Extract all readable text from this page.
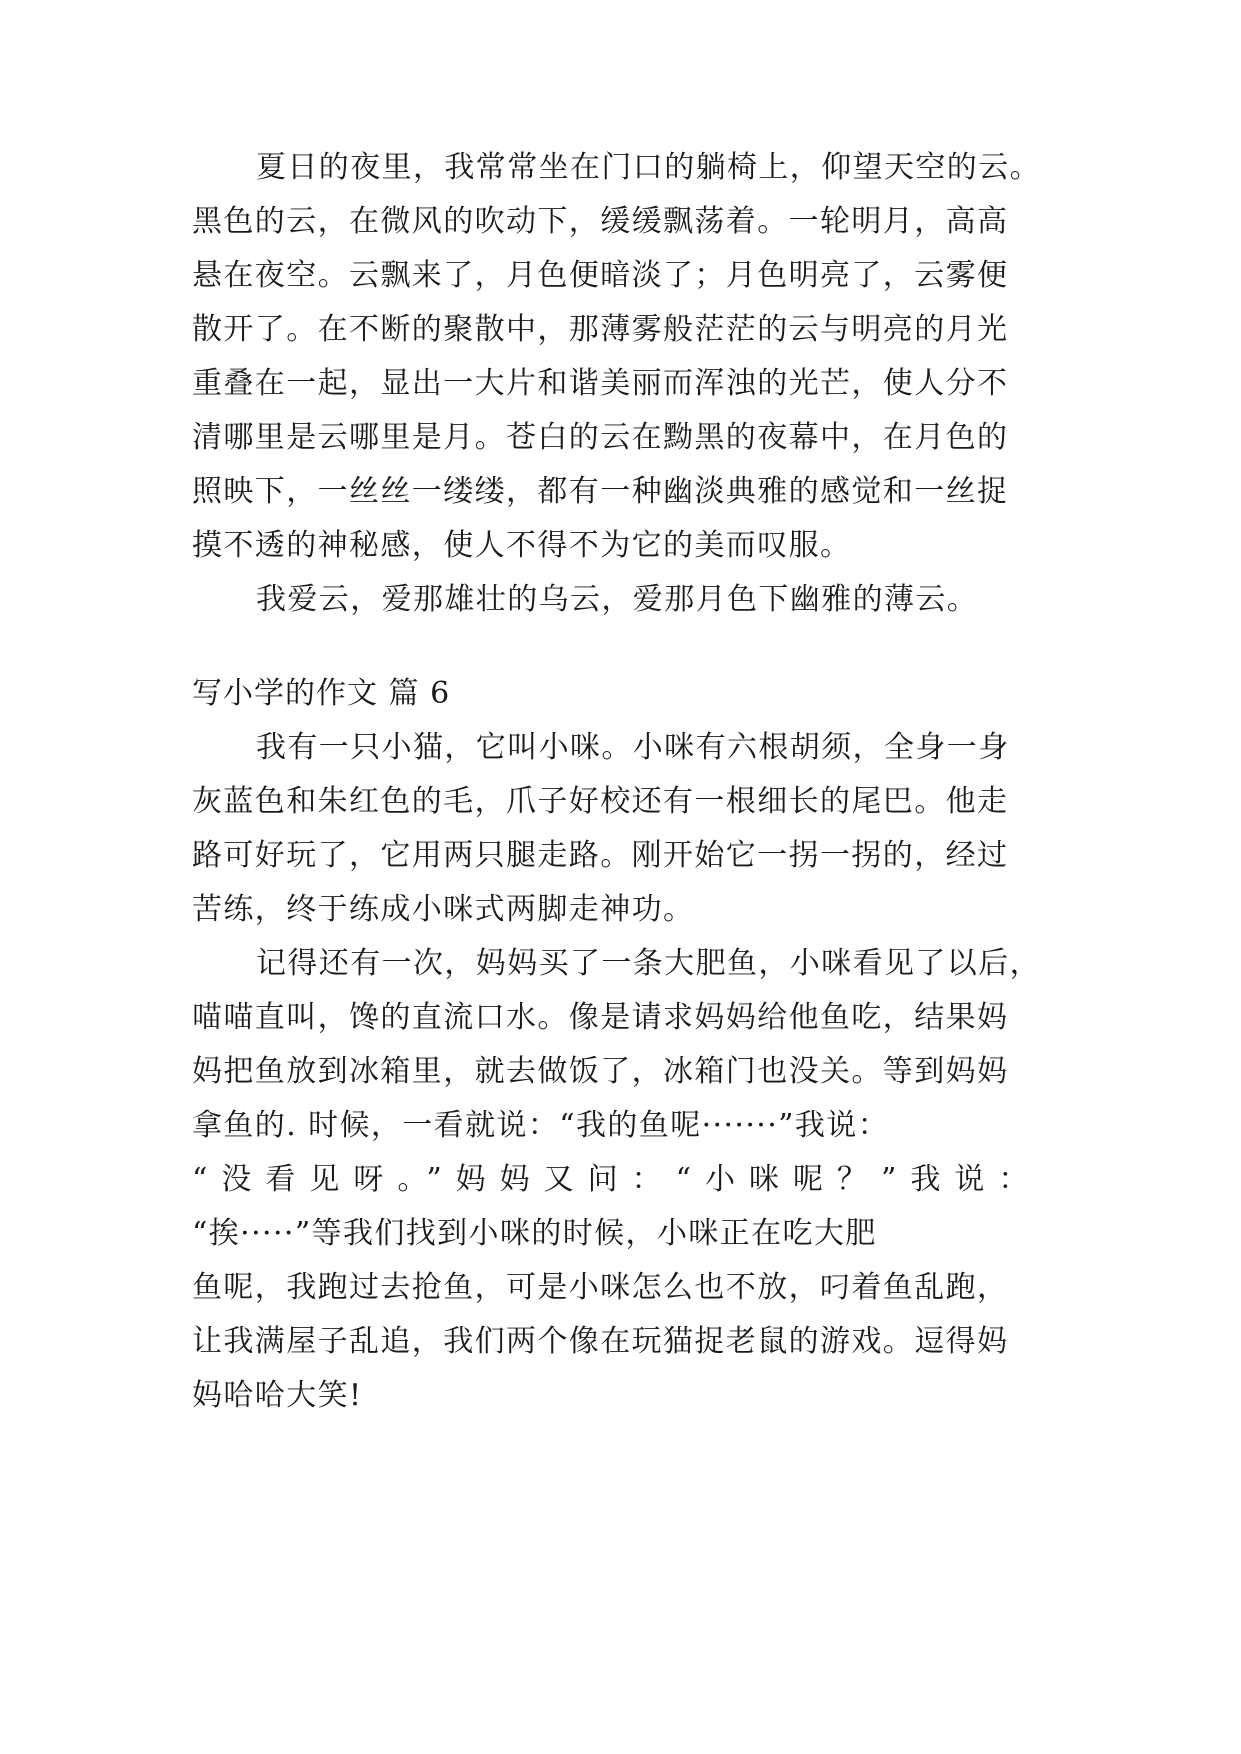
夏日的夜里，我常常坐在门口的躺椅上，仰望天空的云。
黑色的云，在微风的吹动下，缓缓飘荡着。一轮明月，高高
悬在夜空。云飘来了，月色便暗淡了；月色明亮了，云雾便
散开了。在不断的聚散中，那薄雾般茫茫的云与明亮的月光
重叠在一起，显出一大片和谐美丽而浑浊的光芒，使人分不
清哪里是云哪里是月。苍白的云在黝黑的夜幕中，在月色的
照映下，一丝丝一缕缕，都有一种幽淡典雅的感觉和一丝捉
摸不透的神秘感，使人不得不为它的美而叹服。
我爱云，爱那雄壮的乌云，爱那月色下幽雅的薄云。
写小学的作文 篇 6
我有一只小猫，它叫小咪。小咪有六根胡须，全身一身
灰蓝色和朱红色的毛，爪子好校还有一根细长的尾巴。他走
路可好玩了，它用两只腿走路。刚开始它一拐一拐的，经过
苦练，终于练成小咪式两脚走神功。
记得还有一次，妈妈买了一条大肥鱼，小咪看见了以后，
喵喵直叫，馋的直流口水。像是请求妈妈给他鱼吃，结果妈
妈把鱼放到冰箱里，就去做饭了，冰箱门也没关。等到妈妈
拿鱼的. 时候，一看就说：“我的鱼呢·······”我说：
“没看见呀。”妈妈又问：“小咪呢？”我说：
“挨·····”等我们找到小咪的时候，小咪正在吃大肥
鱼呢，我跑过去抢鱼，可是小咪怎么也不放，叼着鱼乱跑，
让我满屋子乱追，我们两个像在玩猫捉老鼠的游戏。逗得妈
妈哈哈大笑!
